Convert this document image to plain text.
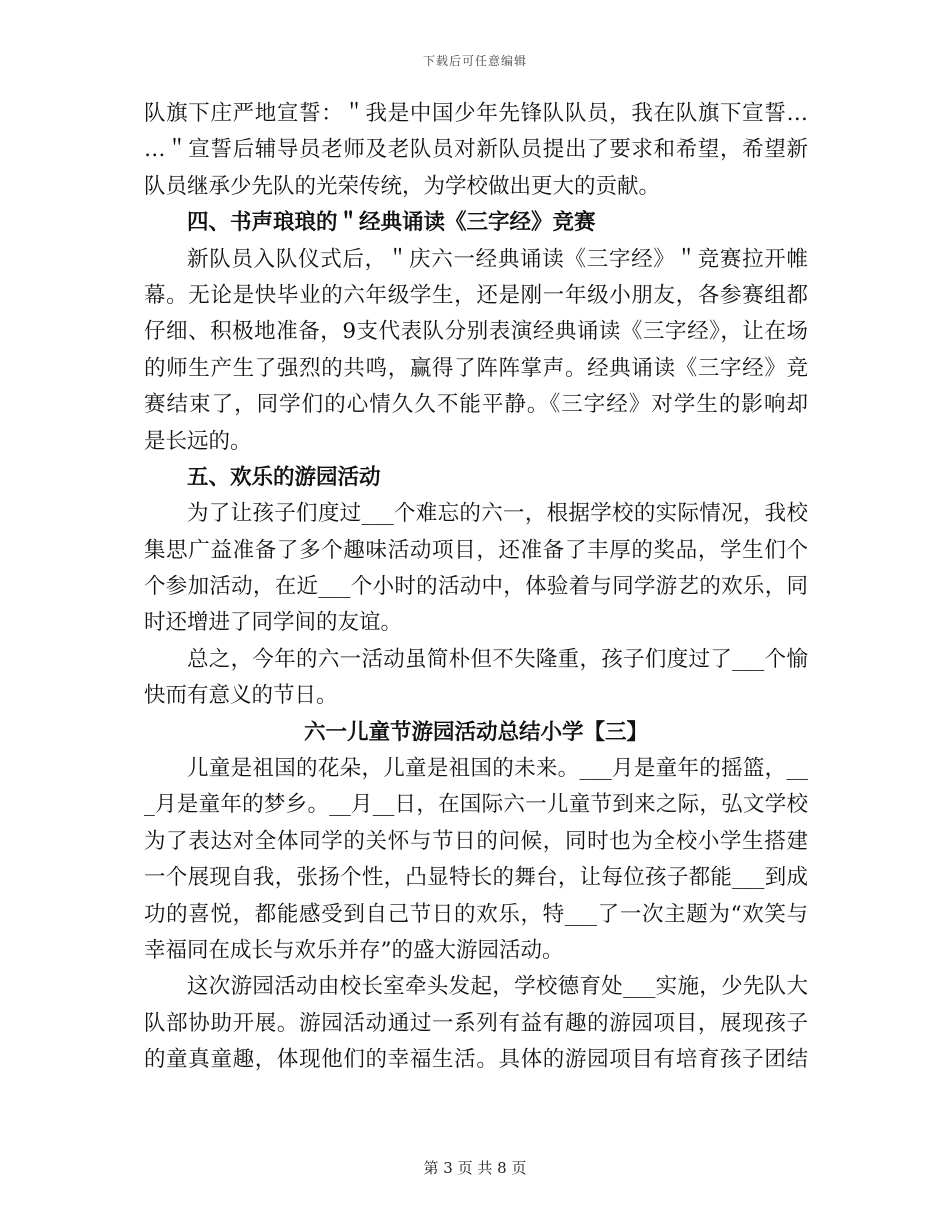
下载后可任意编辑
队旗下庄严地宣誓：＂我是中国少年先锋队队员，我在队旗下宣誓…
…＂宣誓后辅导员老师及老队员对新队员提出了要求和希望，希望新
队员继承少先队的光荣传统，为学校做出更大的贡献。
四、书声琅琅的＂经典诵读《三字经》竞赛
新队员入队仪式后，＂庆六一经典诵读《三字经》＂竞赛拉开帷
幕。无论是快毕业的六年级学生，还是刚一年级小朋友，各参赛组都
仔细、积极地准备，9支代表队分别表演经典诵读《三字经》，让在场
的师生产生了强烈的共鸣，赢得了阵阵掌声。经典诵读《三字经》竞
赛结束了，同学们的心情久久不能平静。《三字经》对学生的影响却
是长远的。
五、欢乐的游园活动
为了让孩子们度过___个难忘的六一，根据学校的实际情况，我校
集思广益准备了多个趣味活动项目，还准备了丰厚的奖品，学生们个
个参加活动，在近___个小时的活动中，体验着与同学游艺的欢乐，同
时还增进了同学间的友谊。
总之，今年的六一活动虽简朴但不失隆重，孩子们度过了___个愉
快而有意义的节日。
六一儿童节游园活动总结小学【三】
儿童是祖国的花朵，儿童是祖国的未来。___月是童年的摇篮，__
_月是童年的梦乡。__月__日，在国际六一儿童节到来之际，弘文学校
为了表达对全体同学的关怀与节日的问候，同时也为全校小学生搭建
一个展现自我，张扬个性，凸显特长的舞台，让每位孩子都能___到成
功的喜悦，都能感受到自己节日的欢乐，特___了一次主题为“欢笑与
幸福同在成长与欢乐并存”的盛大游园活动。
这次游园活动由校长室牵头发起，学校德育处___实施，少先队大
队部协助开展。游园活动通过一系列有益有趣的游园项目，展现孩子
的童真童趣，体现他们的幸福生活。具体的游园项目有培育孩子团结
第 3 页 共 8 页
